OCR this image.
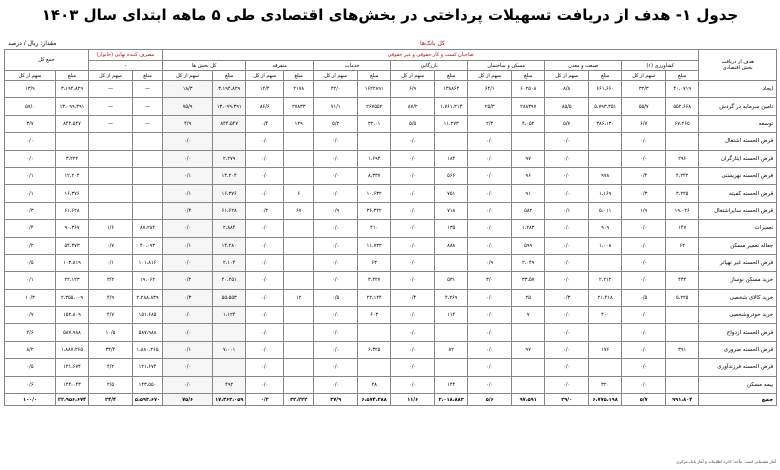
جدول ۱- هدف از دریافت تسهیلات پرداختی در بخش‌های اقتصادی طی ۵ ماهه ابتدای سال ۱۴۰۳
مقدار: ریال / درصد	کل بانک‌ها
هدف از دریافت
بخش اقتصادی	صاحبان کسب و کار حقوقی و غیر حقوقی														مصرف کننده نهایی (خانوار)		جمع کل	
	کشاورزی (۱)		صنعت و معدن		مسکن و ساختمان		بازرگانی		خدمات		متفرقه		کل بخش ها					
															-			
	مبلغ	سهم از کل	مبلغ	سهم از کل	مبلغ	سهم از کل	مبلغ	سهم از کل	مبلغ	سهم از کل	مبلغ	سهم از کل	مبلغ	سهم از کل	مبلغ	سهم از کل	مبلغ	سهم از کل
ایجاد	۴۰،۰۷۱۹	۳۲/۳	۶۶۱،۶۶۰	۸/۸	۶۰۲۵۰۸	۶۴/۱	۱۳۸۸۶۴	۶/۹	۱۶۲۲۸۹۱	۴۲/۰	۲۱۷۸	۱۲/۴	۳،۱۹۴،۸۲۹	۱۸/۳	—	—	۳،۱۹۴،۸۲۹	۱۳/۹
تامین سرمایه در گردش	۵۵۲،۶۶۸	۵۵/۷	۵،۷۹۳،۳۵۱	۸۵/۵	۲۸۸۳۹۷	۲۵/۳	۱،۷۶۱،۲۱۳	۸۷/۲	۲۶۷۵۵۲	۷۱/۱	۲۷۸۳۳	۸۶/۶	۱۳،۰۹۹،۳۹۱	۷۵/۹	—	—	۱۳،۰۹۹،۳۹۱	۵۷/۰
توسعه	۶۷،۲۶۵	۶/۷	۳۸۶،۱۳۰	۵/۷	۴،۰۵۲	۲/۴	۱۱،۲۷۳	۵/۵	۳۲،۰۱	۵/۲	۱۲۹	۰/۴	۸۴۴،۵۴۷	۴/۹	—	—	۸۴۴،۵۴۷	۳/۷
قرض الحسنه اشتغال		۰/۰		۰/۰		۰/۰		۰/۰		۰/۰		۰/۰		۰/۰				۰/۰
قرض الحسنه ایثارگران	۲۹۶	۰/۰		۰/۰	۹۷	۰/۰	۱۸۴	۰/۰	۱،۶۹۳	۰/۰		۰/۰	۲،۲۷۹	۰/۰			۳،۲۲۲	۰/۰
قرض الحسنه بهزیستی	۴،۲۴۲	۰/۴	۹۷۸	۰/۰	۹۶	۰/۰	۵۶۶	۰/۰	۸،۳۳۷	۰/۰		۰/۰	۱۴،۲۰۴	۰/۱			۱۲،۲۰۴	۰/۱
قرض الحسنه کمیته	۳،۲۲۵	۰/۳	۱،۱۶۹	۰/۰	۹۱	۰/۰	۷۵۱	۰/۰	۱۰،۶۳۲	۰/۰	۶	۰/۰	۱۶،۳۷۶	۰/۱			۱۶،۳۷۶	۰/۱
قرض الحسنه سایراشتغال	۱۹،۰۲۶	۱/۹	۵،۰۱۱	۰/۱	۵۸۲	۰/۰	۷۱۸	۰/۰	۳۶،۳۲۲	۰/۹	۶۷	۰/۲	۶۱،۶۲۸	۰/۴			۶۱،۶۲۸	۰/۳
تعمیرات	۱۴۷	۰/۰	۹۰۹	۰/۰	۱،۲۸۳	۰/۰	۱۳۵	۰/۰	۴۱۰	۰/۰		۰/۰	۲،۸۸۴	۰/۰	۸۷،۲۸۴	۱/۶	۹۰،۳۶۷	۰/۴
جعاله تعمیر مسکن	۶۲	۰/۰	۱،۰۰۸	۰/۰	۵۹۹	۰/۰	۸۸۸	۰/۰	۱۱،۷۲۲	۰/۰		۰/۰	۱۴،۲۸۰	۰/۱	۴۰،۰۹۳	۰/۷	۵۴،۳۷۳	۰/۲
قرض الحسنه غیر تهیاتر		۰/۰		۰/۰	۲،۰۴۹	۰/۹		۰/۰	۶۳	۰/۰		۰/۰	۲،۱۰۴	۰/۰	۱۰۱،۸۱۶	۰/۱	۱۰۳،۸۱۹	۰/۵
خرید مسکن نوساز	۴۴۲	۰/۰	۲،۲۱۲	۰/۰	۳۳،۵۷	۳/۰	۵۳۱	۰/۰	۳،۴۲۷	۰/۰		۰/۰	۴۰،۲۵۱	۰/۲	۱۹،۰۶۲	۳/۲	۲۲،۱۲۳	۰/۱
خرید کالای شخصی	۵،۲۲۵	۰/۵	۲۱،۴۱۸	۰/۳	۲۵	۰/۰	۴،۲۶۹	۰/۴	۲۲،۱۲۴	۰/۵	۱۲	۰/۰	۵۵،۵۵۳	۰/۳	۲،۲۸۸،۸۳۹	۴/۹	۲،۳۵۵،۰۰۹	۱۰/۳
خرید خودروشخصی		۰/۰	۴۰۰	۰/۰	۷	۰/۰	۱۱۴	۰/۰	۶۰۳	۰/۰		۰/۰	۱،۱۲۴	۰/۰	۱۵۱،۶۸۵	۴/۷	۱۵۲،۸۰۹	۰/۷
قرض الحسنه ازدواج		۰/۰		۰/۰		۰/۰		۰/۰		۰/۰		۰/۰		۰/۰	۵۸۷،۹۸۸	۱۰/۵	۵۸۷،۹۸۸	۲/۶
قرض الحسنه ضروری	۳۹۱	۰/۰	۱۷۶	۰/۰	۹۷	۰/۰	۸۲	۰/۰	۶،۳۲۵	۰/۰		۰/۰	۷،۰۰۱	۰/۱	۱،۸۸۰،۲۶۵	۳۴/۴	۱،۸۸۷،۲۶۵	۸/۲
قرض الحسنه فرزندآوری		۰/۰		۰/۰		۰/۰		۰/۰		۰/۰		۰/۰		۰/۰	۱۲۱،۶۷۴	۴/۲	۱۲۱،۶۷۴	۰/۵
بیمه مسکن		۰/۰	۳۲۰	۰/۰		۰/۰	۱۴۴	۰/۰	۲۸	۰/۰		۰/۰	۴۹۲	۰/۰	۱۴۳،۵۵۰	۲/۵	۱۴۴،۰۴۳	۰/۶
جمع	۹۹۱،۸۰۴	۵/۷	۶،۷۷۵،۱۹۸	۳۹/۰	۹۷،۵۹۱	۵/۶	۲،۰۱۸،۸۸۳	۱۱/۶	۶،۵۷۴،۲۸۸	۳۷/۹	۳۲،۲۲۲	۰/۲	۱۷،۳۶۳،۰۵۹	۷۵/۶	۵،۵۹۳،۶۷۰	۲۴/۴	۲۲،۹۵۶،۶۷۴	۱۰۰/۰
آمار مقدماتی است. مأخذ: اداره اطلاعات و آمار بانک مرکزی
